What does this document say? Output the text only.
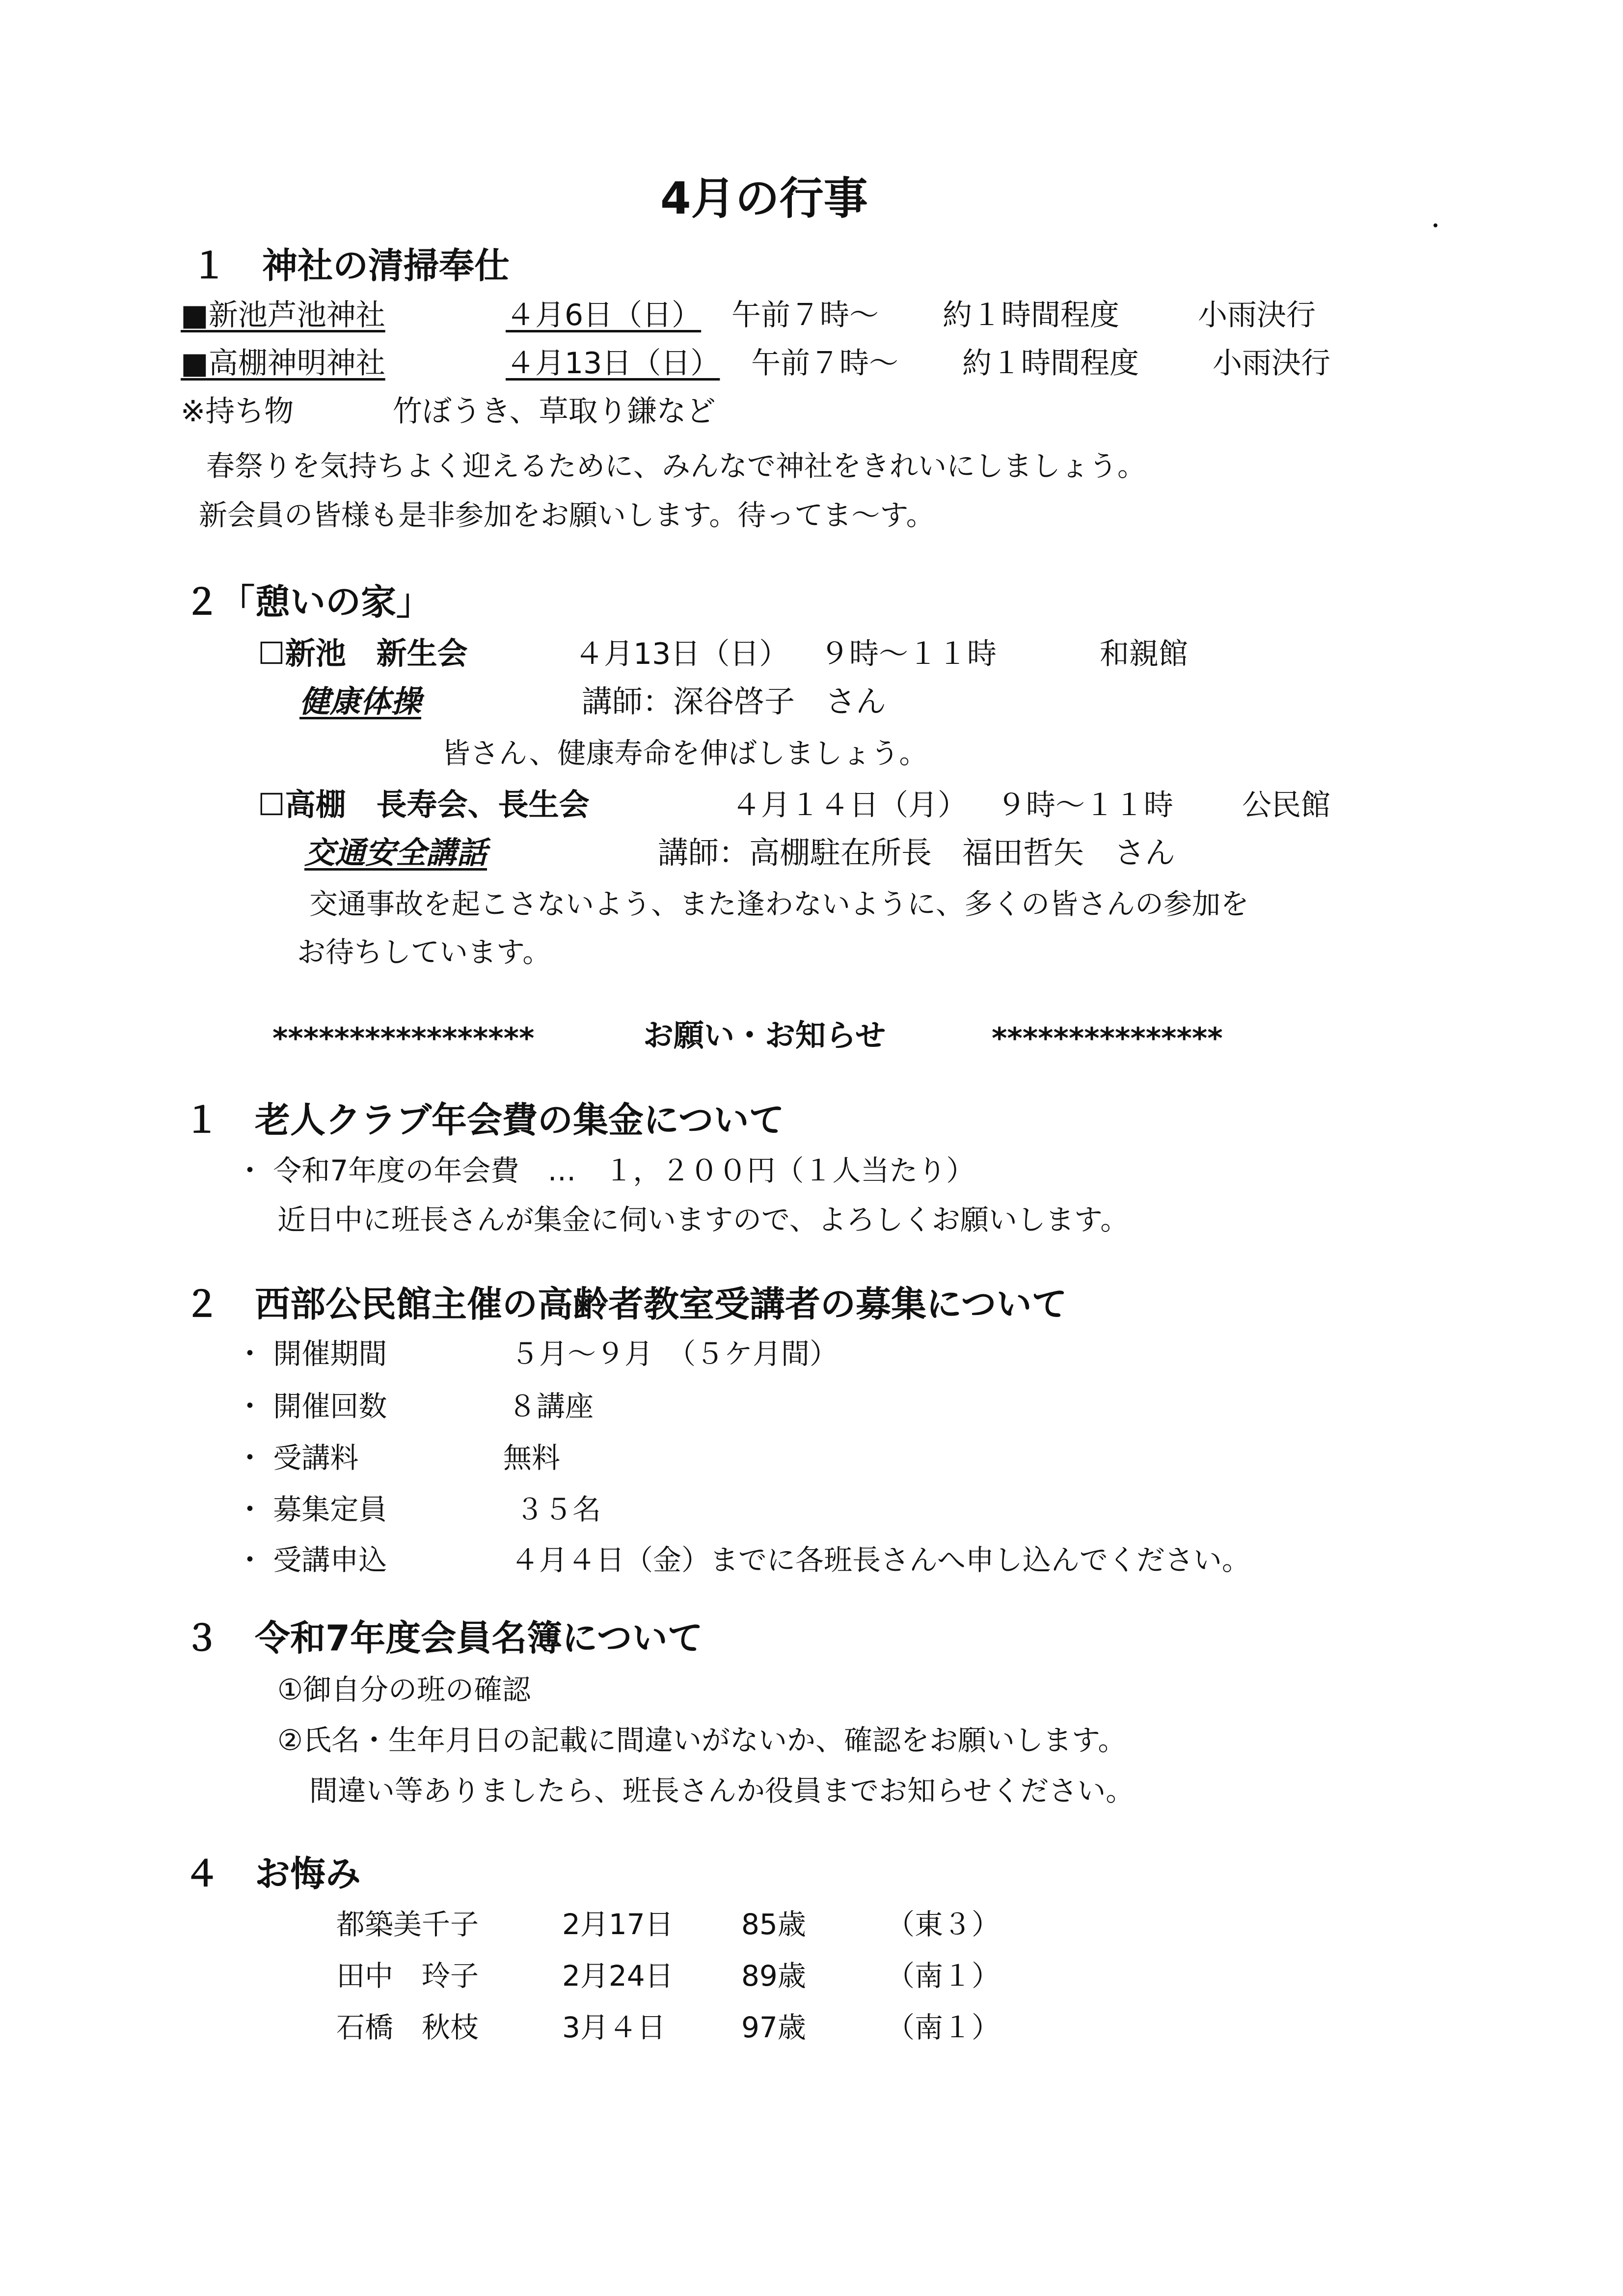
4月の行事
１　神社の清掃奉仕
■新池芦池神社	４月6日（日） 午前７時～ 約１時間程度	小雨決行
■高棚神明神社	４月13日（日） 午前７時～ 約１時間程度	小雨決行
※持ち物	竹ぼうき、草取り鎌など
春祭りを気持ちよく迎えるために、みんなで神社をきれいにしましょう。
新会員の皆様も是非参加をお願いします。待ってま～す。
２「憩いの家」
☐新池　新生会	４月13日（日） ９時～１１時	和親館
健康体操	講師：深谷啓子　さん
皆さん、健康寿命を伸ばしましょう。
☐高棚　長寿会、長生会	４月１４日（月） ９時～１１時 公民館
交通安全講話	講師：高棚駐在所長　福田哲矢　さん
交通事故を起こさないよう、また逢わないように、多くの皆さんの参加を
お待ちしています。
*****************	お願い・お知らせ	***************
１　老人クラブ年会費の集金について
・ 令和7年度の年会費　…　１，２００円（１人当たり）
近日中に班長さんが集金に伺いますので、よろしくお願いします。
２　西部公民館主催の高齢者教室受講者の募集について
・ 開催期間	５月～９月　（５ケ月間）
・ 開催回数	８講座
・ 受講料	無料
・ 募集定員	３５名
・ 受講申込	４月４日（金）までに各班長さんへ申し込んでください。
３　令和7年度会員名簿について
①御自分の班の確認
②氏名・生年月日の記載に間違いがないか、確認をお願いします。
間違い等ありましたら、班長さんか役員までお知らせください。
４　お悔み
都築美千子	2月17日 85歳	（東３）
田中　玲子	2月24日 89歳	（南１）
石橋　秋枝	3月４日	97歳	（南１）
